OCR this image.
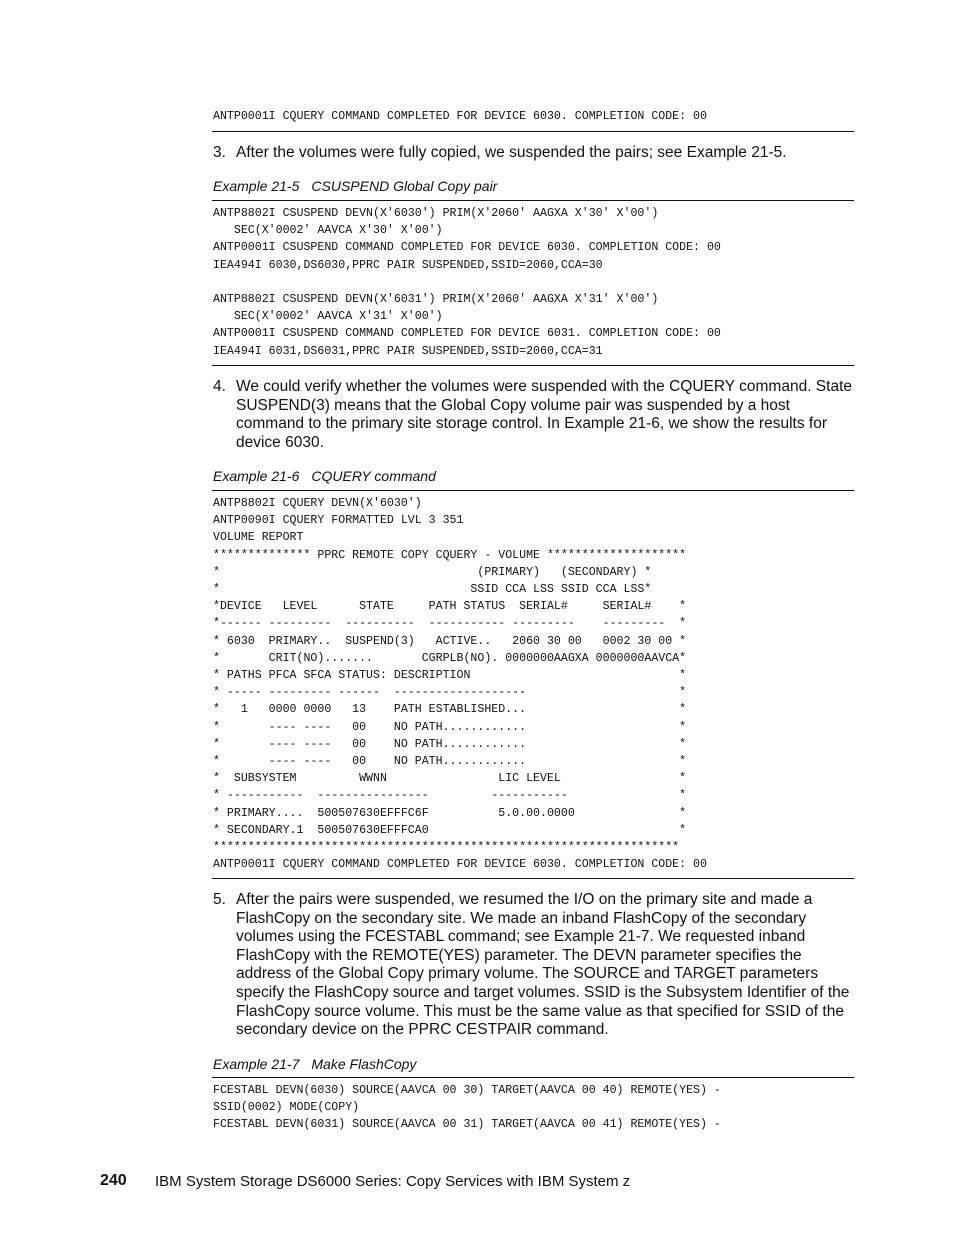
ANTP0001I CQUERY COMMAND COMPLETED FOR DEVICE 6030. COMPLETION CODE: 00
3. After the volumes were fully copied, we suspended the pairs; see Example 21-5.
Example 21-5 CSUSPEND Global Copy pair
ANTP8802I CSUSPEND DEVN(X'6030') PRIM(X'2060' AAGXA X'30' X'00')
SEC(X'0002' AAVCA X'30' X'00')
ANTP0001I CSUSPEND COMMAND COMPLETED FOR DEVICE 6030. COMPLETION CODE: 00
IEA494I 6030,DS6030,PPRC PAIR SUSPENDED,SSID=2060,CCA=30

ANTP8802I CSUSPEND DEVN(X'6031') PRIM(X'2060' AAGXA X'31' X'00')
SEC(X'0002' AAVCA X'31' X'00')
ANTP0001I CSUSPEND COMMAND COMPLETED FOR DEVICE 6031. COMPLETION CODE: 00
IEA494I 6031,DS6031,PPRC PAIR SUSPENDED,SSID=2060,CCA=31
4. We could verify whether the volumes were suspended with the CQUERY command. State SUSPEND(3) means that the Global Copy volume pair was suspended by a host command to the primary site storage control. In Example 21-6, we show the results for device 6030.
Example 21-6 CQUERY command
ANTP8802I CQUERY DEVN(X'6030')
ANTP0090I CQUERY FORMATTED LVL 3 351
VOLUME REPORT
************** PPRC REMOTE COPY CQUERY - VOLUME ********************
*                                     (PRIMARY)   (SECONDARY) *
*                                    SSID CCA LSS SSID CCA LSS*
*DEVICE   LEVEL      STATE     PATH STATUS  SERIAL#     SERIAL#    *
*------ ---------  ----------  ----------- ---------    ---------  *
* 6030  PRIMARY..  SUSPEND(3)   ACTIVE..   2060 30 00   0002 30 00 *
*       CRIT(NO).......       CGRPLB(NO). 0000000AAGXA 0000000AAVCA*
* PATHS PFCA SFCA STATUS: DESCRIPTION                              *
* ----- --------- ------  -------------------                      *
*   1   0000 0000   13    PATH ESTABLISHED...                      *
*       ---- ----   00    NO PATH............                      *
*       ---- ----   00    NO PATH............                      *
*       ---- ----   00    NO PATH............                      *
*  SUBSYSTEM         WWNN                LIC LEVEL                 *
* -----------  ----------------         -----------                *
* PRIMARY....  500507630EFFFC6F          5.0.00.0000               *
* SECONDARY.1  500507630EFFFCA0                                    *
*******************************************************************
ANTP0001I CQUERY COMMAND COMPLETED FOR DEVICE 6030. COMPLETION CODE: 00
5. After the pairs were suspended, we resumed the I/O on the primary site and made a FlashCopy on the secondary site. We made an inband FlashCopy of the secondary volumes using the FCESTABL command; see Example 21-7. We requested inband FlashCopy with the REMOTE(YES) parameter. The DEVN parameter specifies the address of the Global Copy primary volume. The SOURCE and TARGET parameters specify the FlashCopy source and target volumes. SSID is the Subsystem Identifier of the FlashCopy source volume. This must be the same value as that specified for SSID of the secondary device on the PPRC CESTPAIR command.
Example 21-7 Make FlashCopy
FCESTABL DEVN(6030) SOURCE(AAVCA 00 30) TARGET(AAVCA 00 40) REMOTE(YES) -
SSID(0002) MODE(COPY)
FCESTABL DEVN(6031) SOURCE(AAVCA 00 31) TARGET(AAVCA 00 41) REMOTE(YES) -
240 IBM System Storage DS6000 Series: Copy Services with IBM System z
